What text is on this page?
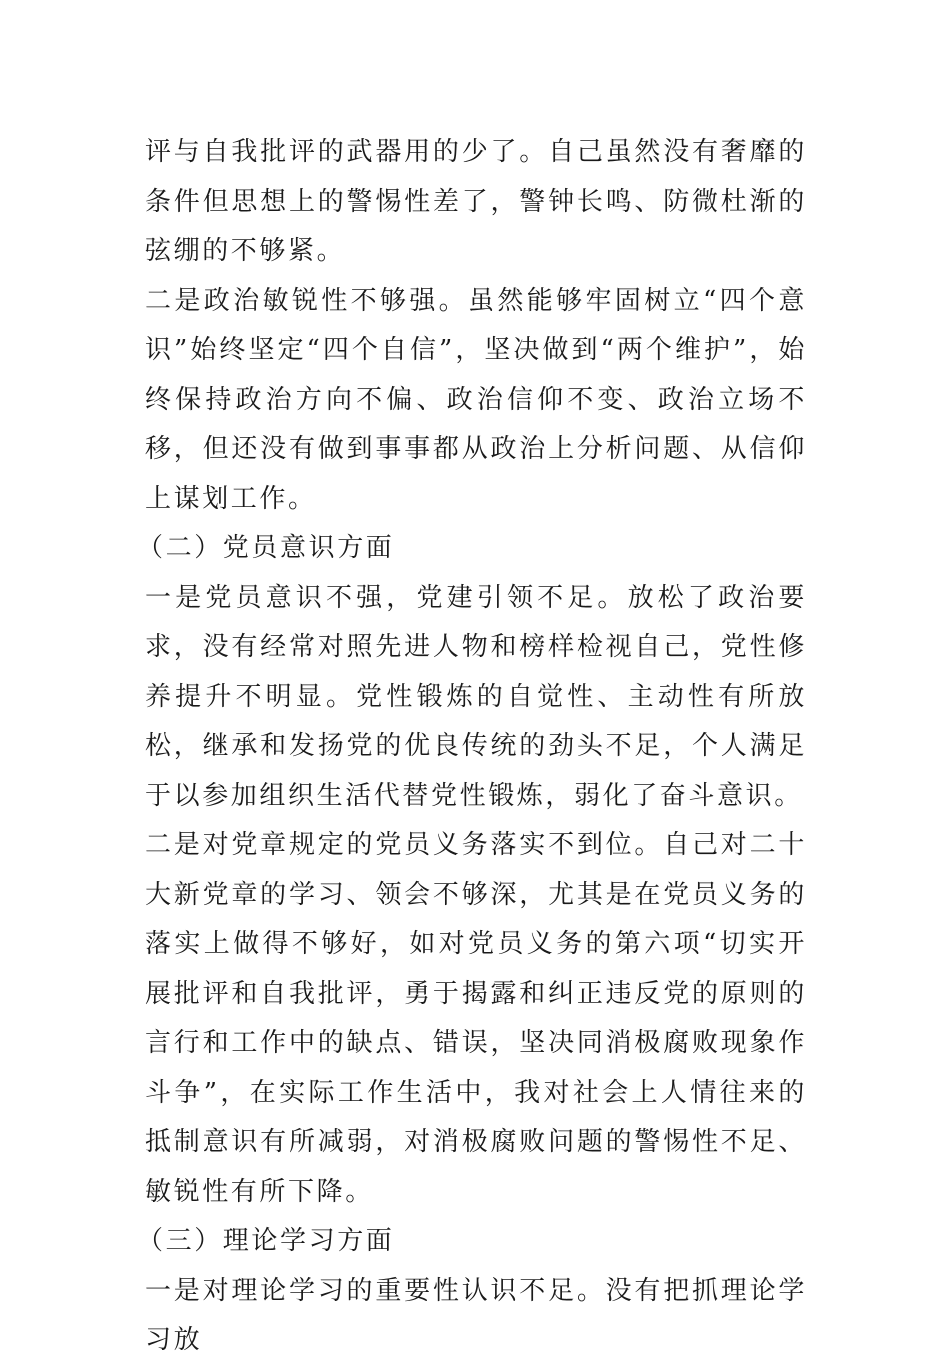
评与自我批评的武器用的少了。自己虽然没有奢靡的条件但思想上的警惕性差了，警钟长鸣、防微杜渐的弦绷的不够紧。

二是政治敏锐性不够强。虽然能够牢固树立“四个意识”始终坚定“四个自信”，坚决做到“两个维护”，始终保持政治方向不偏、政治信仰不变、政治立场不移，但还没有做到事事都从政治上分析问题、从信仰上谋划工作。

（二）党员意识方面

一是党员意识不强，党建引领不足。放松了政治要求，没有经常对照先进人物和榜样检视自己，党性修养提升不明显。党性锻炼的自觉性、主动性有所放松，继承和发扬党的优良传统的劲头不足，个人满足于以参加组织生活代替党性锻炼，弱化了奋斗意识。

二是对党章规定的党员义务落实不到位。自己对二十大新党章的学习、领会不够深，尤其是在党员义务的落实上做得不够好，如对党员义务的第六项“切实开展批评和自我批评，勇于揭露和纠正违反党的原则的言行和工作中的缺点、错误，坚决同消极腐败现象作斗争”，在实际工作生活中，我对社会上人情往来的抵制意识有所减弱，对消极腐败问题的警惕性不足、敏锐性有所下降。

（三）理论学习方面

一是对理论学习的重要性认识不足。没有把抓理论学习放
